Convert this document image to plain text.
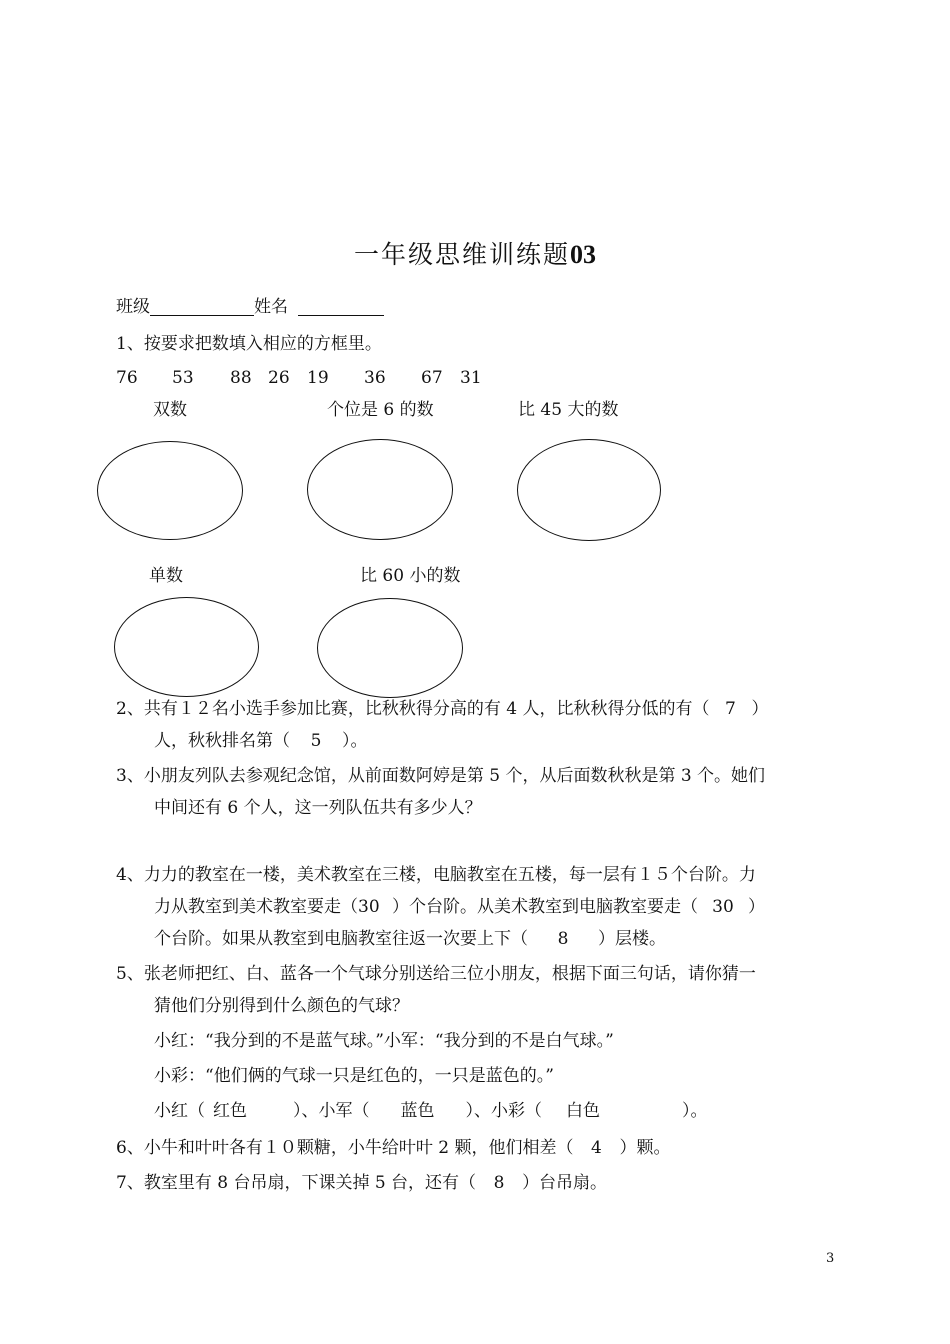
一年级思维训练题03
班级	姓名
1、按要求把数填入相应的方框里。
76 53 88 26 19 36 67 31
双数	个位是 6 的数	比 45 大的数
单数	比 60 小的数
2、共有１２名小选手参加比赛，比秋秋得分高的有 4 人，比秋秋得分低的有（ 7 ）
人，秋秋排名第（ 5 ）。
3、小朋友列队去参观纪念馆，从前面数阿婷是第 5 个，从后面数秋秋是第 3 个。她们
中间还有 6 个人，这一列队伍共有多少人？
4、力力的教室在一楼，美术教室在三楼，电脑教室在五楼，每一层有１５个台阶。力
力从教室到美术教室要走（30 ）个台阶。从美术教室到电脑教室要走（ 30 ）
个台阶。如果从教室到电脑教室往返一次要上下（ 8 ）层楼。
5、张老师把红、白、蓝各一个气球分别送给三位小朋友，根据下面三句话，请你猜一
猜他们分别得到什么颜色的气球？
小红：“我分到的不是蓝气球。”小军：“我分到的不是白气球。”
小彩：“他们俩的气球一只是红色的，一只是蓝色的。”
小红（ 红色	）、小军（ 蓝色 ）、小彩（ 白色	）。
6、小牛和叶叶各有１０颗糖，小牛给叶叶 2 颗，他们相差（ 4 ）颗。
7、教室里有 8 台吊扇，下课关掉 5 台，还有（ 8 ）台吊扇。
3
